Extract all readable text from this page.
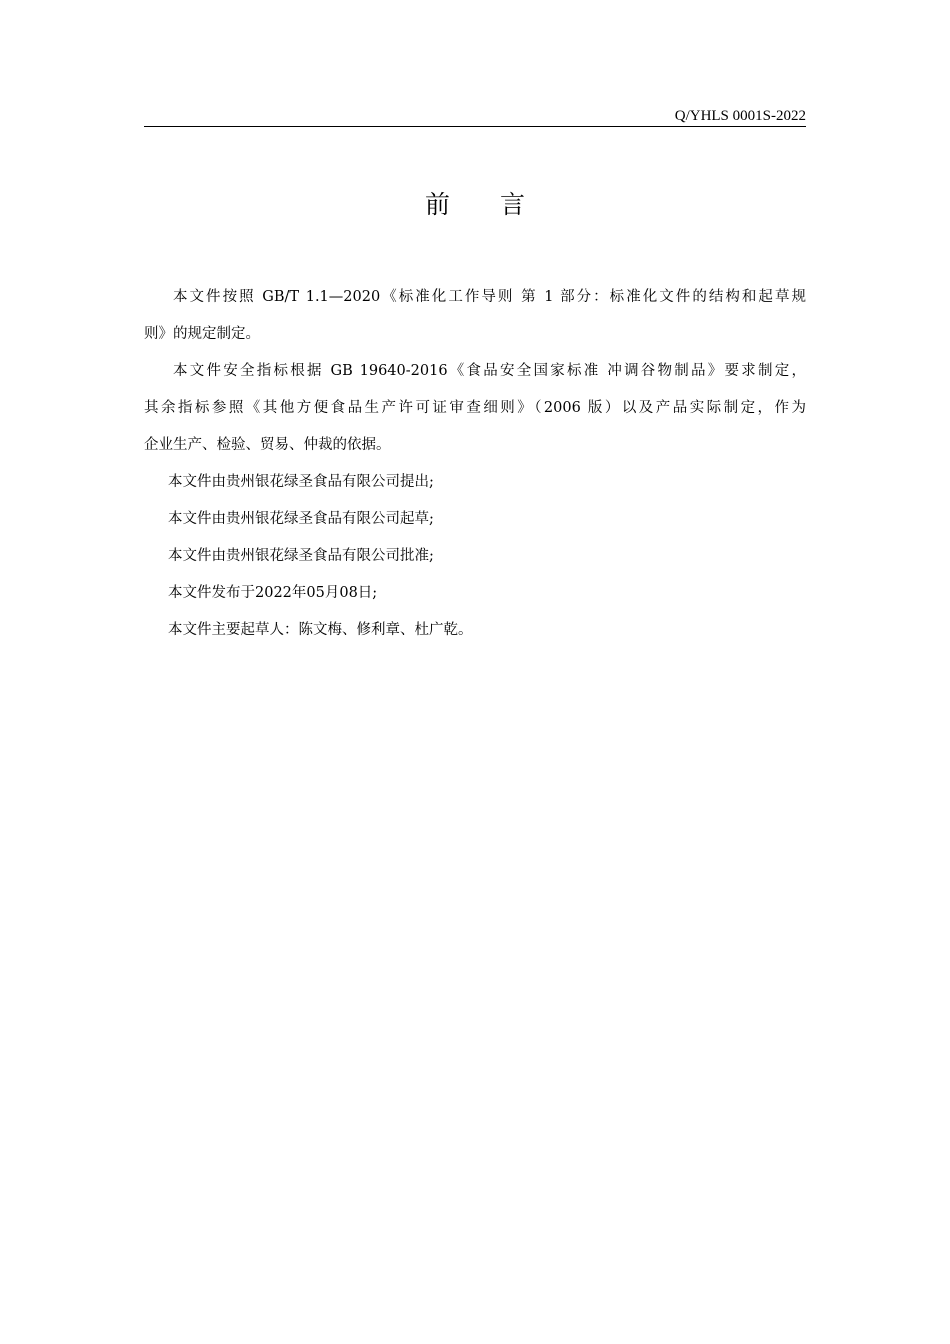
Q/YHLS 0001S-2022
前 言

本文件按照 GB/T 1.1—2020《标准化工作导则 第 1 部分：标准化文件的结构和起草规
则》的规定制定。

本文件安全指标根据 GB 19640-2016《食品安全国家标准 冲调谷物制品》要求制定，
其余指标参照《其他方便食品生产许可证审查细则》（2006 版）以及产品实际制定，作为
企业生产、检验、贸易、仲裁的依据。

本文件由贵州银花绿圣食品有限公司提出;

本文件由贵州银花绿圣食品有限公司起草;

本文件由贵州银花绿圣食品有限公司批准;

本文件发布于2022年05月08日;

本文件主要起草人：陈文梅、修利章、杜广乾。
